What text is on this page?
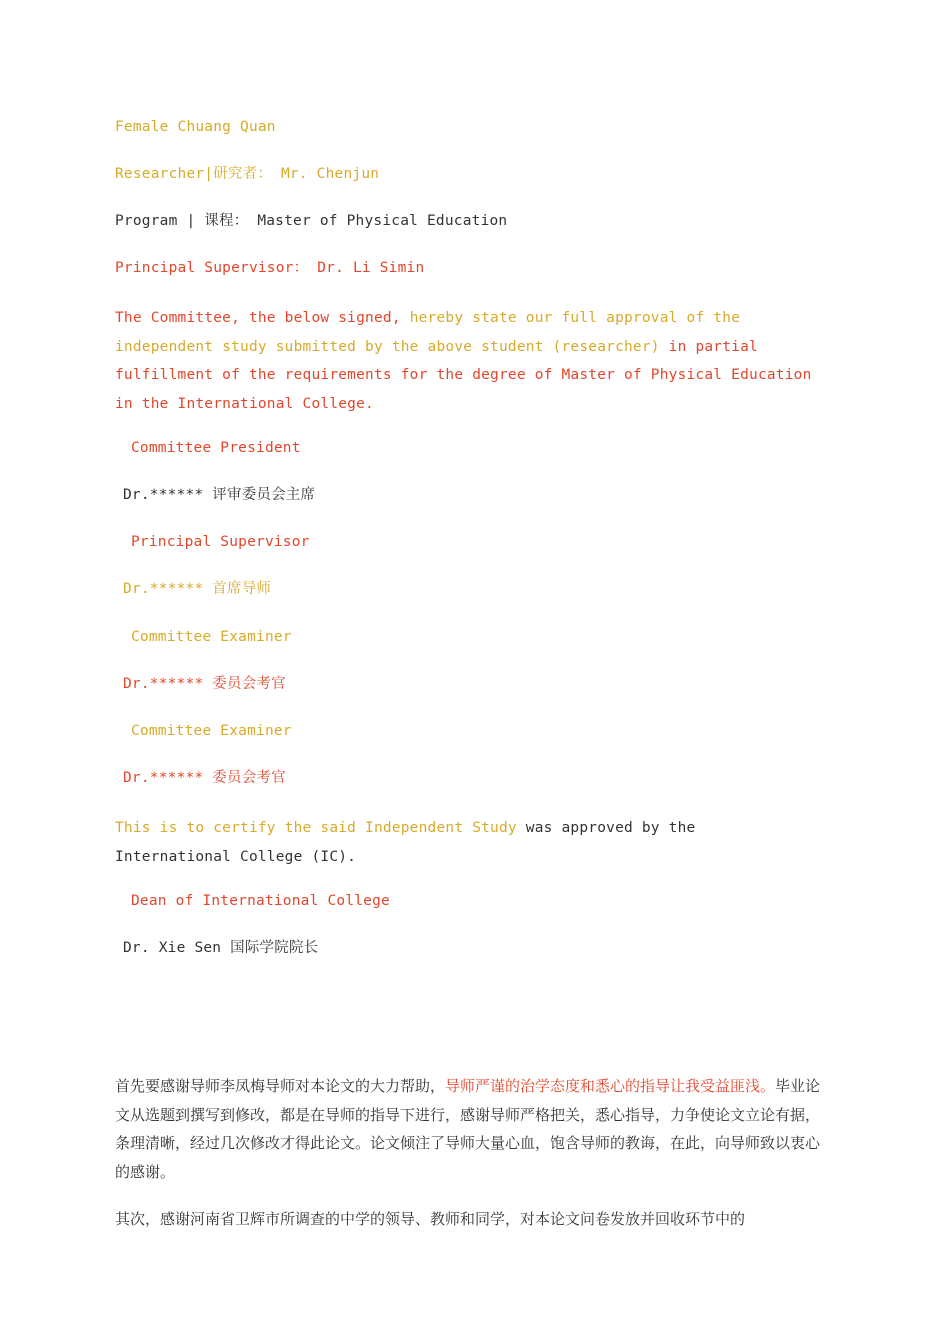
Female Chuang Quan
Researcher|研究者： Mr. Chenjun
Program | 课程： Master of Physical Education
Principal Supervisor： Dr. Li Simin
The Committee, the below signed, hereby state our full approval of the independent study submitted by the above student (researcher) in partial fulfillment of the requirements for the degree of Master of Physical Education in the International College.
Committee President
Dr.****** 评审委员会主席
Principal Supervisor
Dr.****** 首席导师
Committee Examiner
Dr.****** 委员会考官
Committee Examiner
Dr.****** 委员会考官
This is to certify the said Independent Study was approved by the International College (IC).
Dean of International College
Dr. Xie Sen 国际学院院长
首先要感谢导师李凤梅导师对本论文的大力帮助，导师严谨的治学态度和悉心的指导让我受益匪浅。毕业论文从选题到撰写到修改，都是在导师的指导下进行，感谢导师严格把关，悉心指导，力争使论文立论有据，条理清晰，经过几次修改才得此论文。论文倾注了导师大量心血，饱含导师的教诲，在此，向导师致以衷心的感谢。
其次，感谢河南省卫辉市所调查的中学的领导、教师和同学，对本论文问卷发放并回收环节中的
